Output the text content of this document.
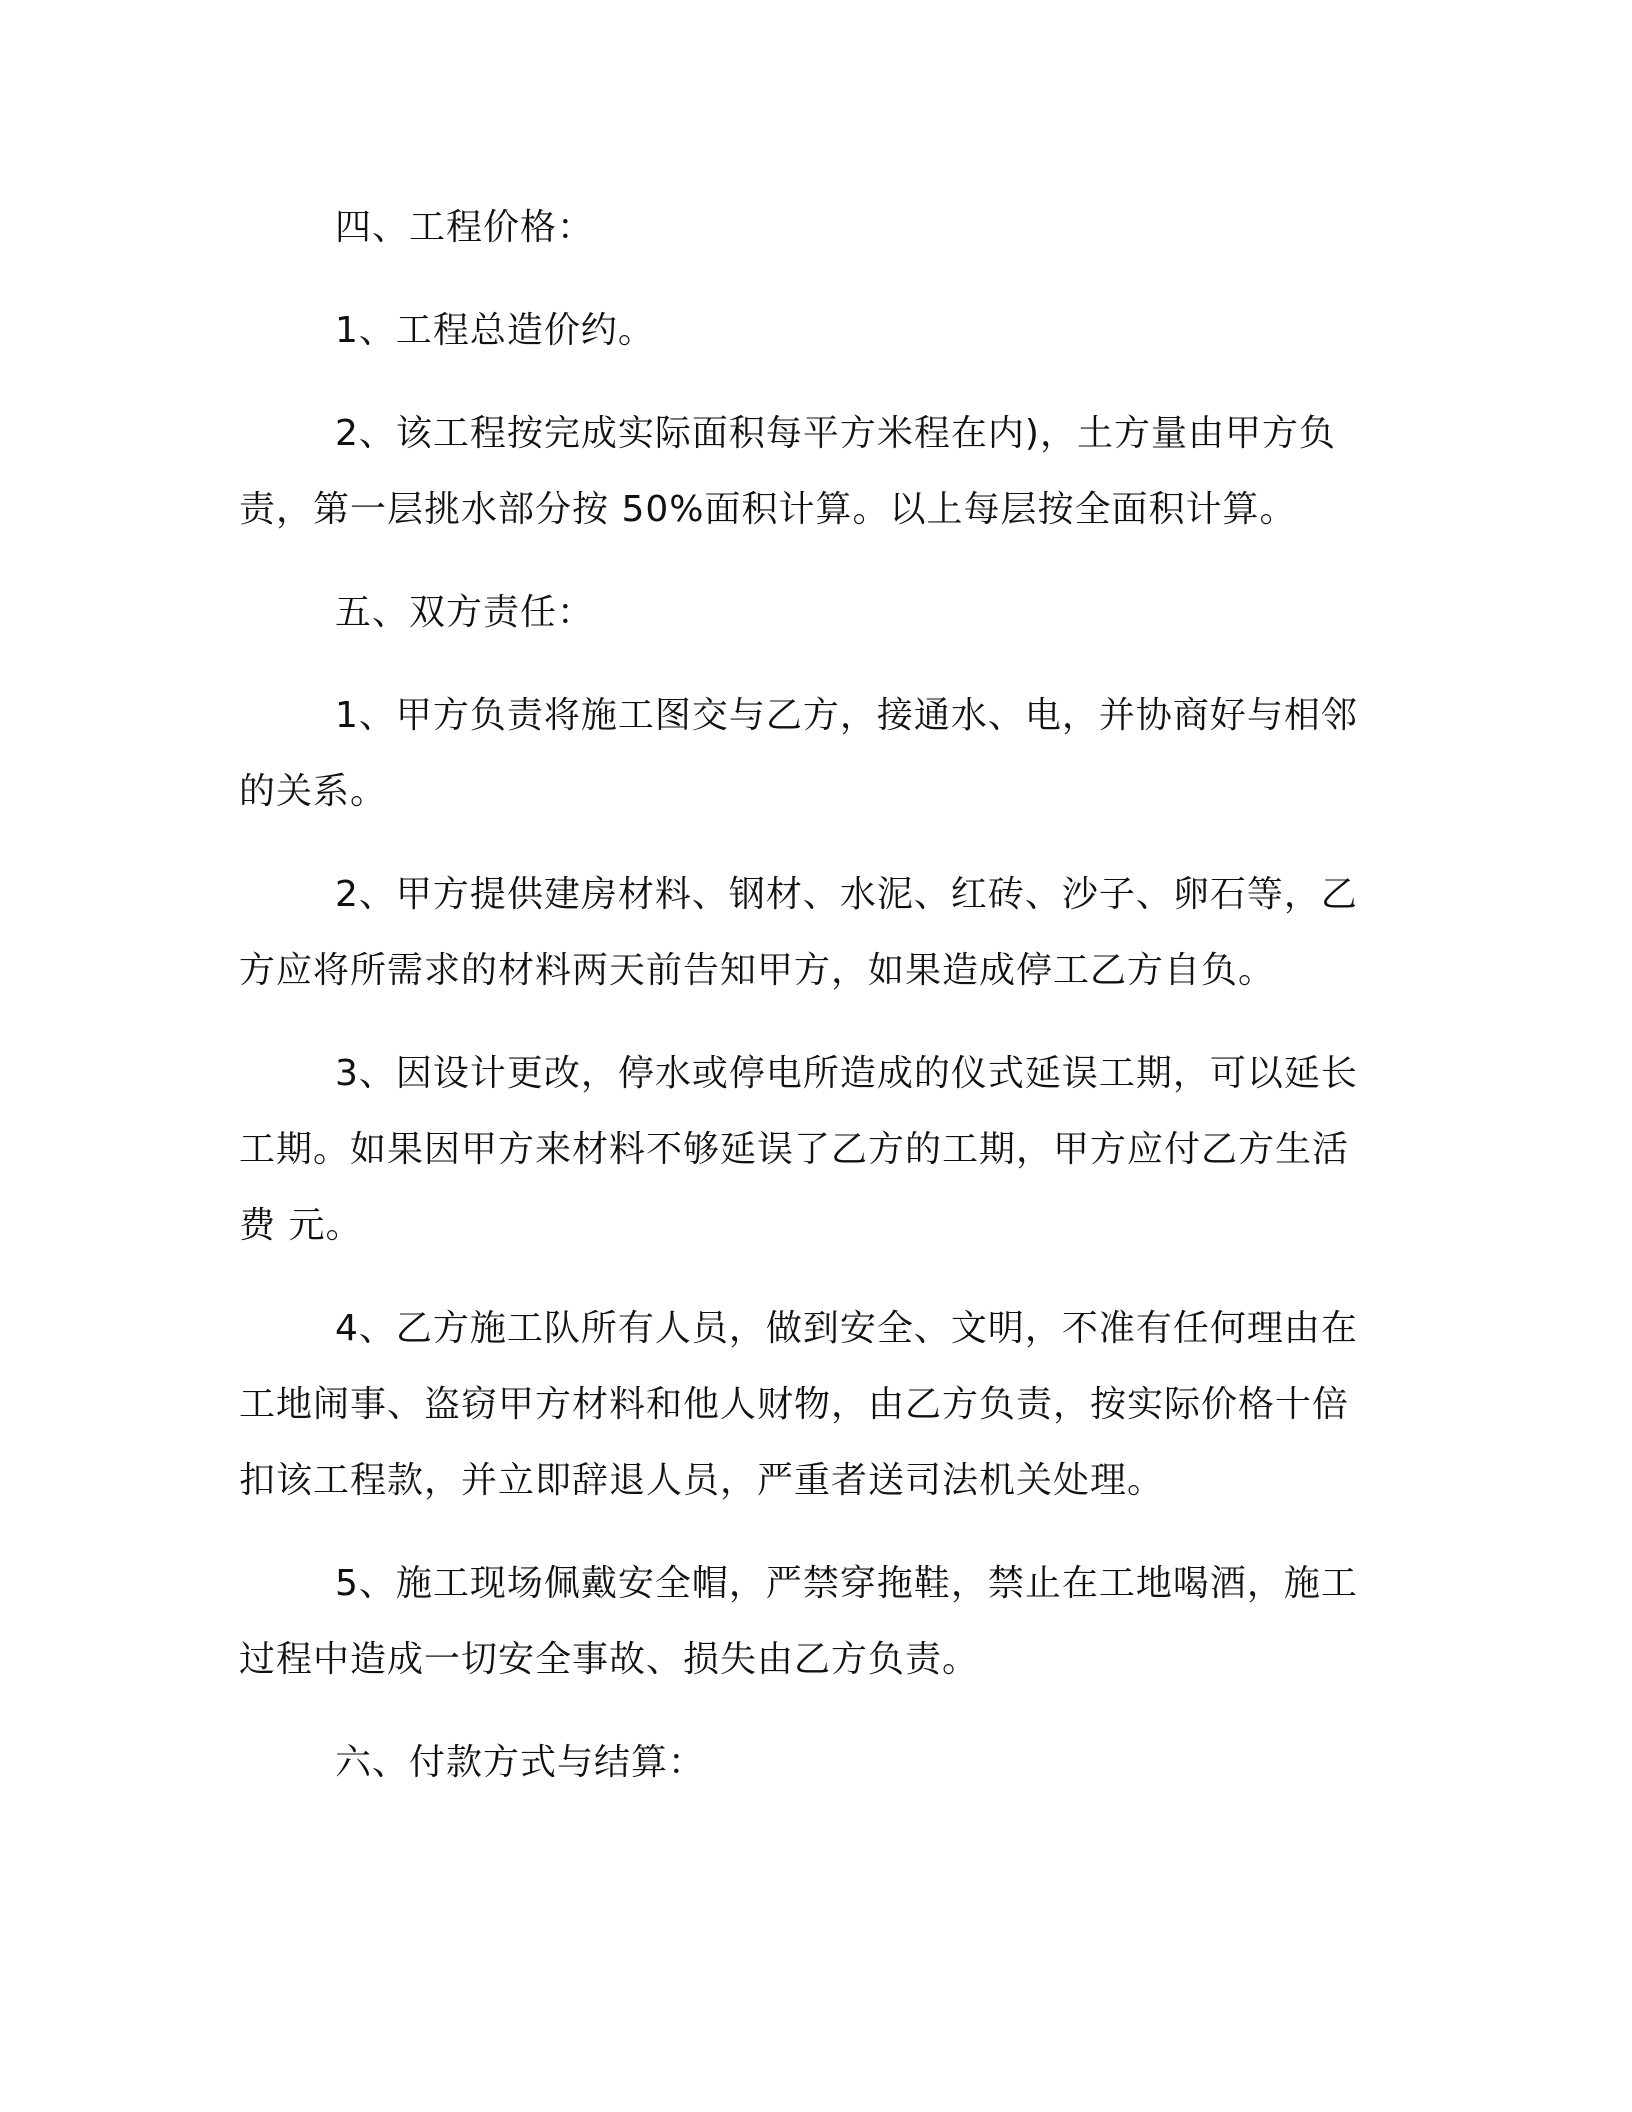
四、工程价格：

1、工程总造价约。

2、该工程按完成实际面积每平方米程在内)，土方量由甲方负责，第一层挑水部分按 50%面积计算。以上每层按全面积计算。

五、双方责任：

1、甲方负责将施工图交与乙方，接通水、电，并协商好与相邻的关系。

2、甲方提供建房材料、钢材、水泥、红砖、沙子、卵石等，乙方应将所需求的材料两天前告知甲方，如果造成停工乙方自负。

3、因设计更改，停水或停电所造成的仪式延误工期，可以延长工期。如果因甲方来材料不够延误了乙方的工期，甲方应付乙方生活费 元。

4、乙方施工队所有人员，做到安全、文明，不准有任何理由在工地闹事、盗窃甲方材料和他人财物，由乙方负责，按实际价格十倍扣该工程款，并立即辞退人员，严重者送司法机关处理。

5、施工现场佩戴安全帽，严禁穿拖鞋，禁止在工地喝酒，施工过程中造成一切安全事故、损失由乙方负责。

六、付款方式与结算：
